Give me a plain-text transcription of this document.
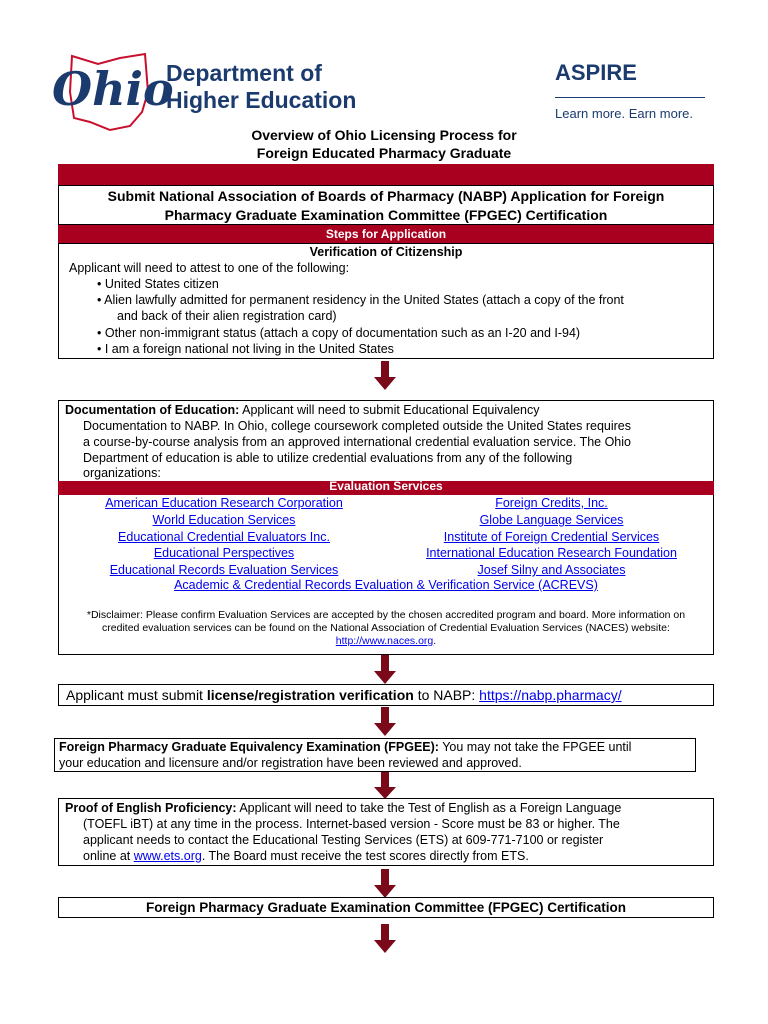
Ohio
Department of
Higher Education
ASPIRE
Learn more. Earn more.
Overview of Ohio Licensing Process for
Foreign Educated Pharmacy Graduate
Submit National Association of Boards of Pharmacy (NABP) Application for Foreign
Pharmacy Graduate Examination Committee (FPGEC) Certification
Steps for Application
Verification of Citizenship
Applicant will need to attest to one of the following:
• United States citizen
• Alien lawfully admitted for permanent residency in the United States (attach a copy of the front
and back of their alien registration card)
• Other non-immigrant status (attach a copy of documentation such as an I-20 and I-94)
• I am a foreign national not living in the United States
Documentation of Education: Applicant will need to submit Educational Equivalency
Documentation to NABP. In Ohio, college coursework completed outside the United States requires
a course-by-course analysis from an approved international credential evaluation service. The Ohio
Department of education is able to utilize credential evaluations from any of the following
organizations:
Evaluation Services
American Education Research Corporation
World Education Services
Educational Credential Evaluators Inc.
Educational Perspectives
Educational Records Evaluation Services
Foreign Credits, Inc.
Globe Language Services
Institute of Foreign Credential Services
International Education Research Foundation
Josef Silny and Associates
Academic & Credential Records Evaluation & Verification Service (ACREVS)
*Disclaimer: Please confirm Evaluation Services are accepted by the chosen accredited program and board. More information on
credited evaluation services can be found on the National Association of Credential Evaluation Services (NACES) website:
http://www.naces.org.
Applicant must submit license/registration verification to NABP: https://nabp.pharmacy/
Foreign Pharmacy Graduate Equivalency Examination (FPGEE): You may not take the FPGEE until
your education and licensure and/or registration have been reviewed and approved.
Proof of English Proficiency: Applicant will need to take the Test of English as a Foreign Language
(TOEFL iBT) at any time in the process. Internet-based version - Score must be 83 or higher. The
applicant needs to contact the Educational Testing Services (ETS) at 609-771-7100 or register
online at www.ets.org. The Board must receive the test scores directly from ETS.
Foreign Pharmacy Graduate Examination Committee (FPGEC) Certification
